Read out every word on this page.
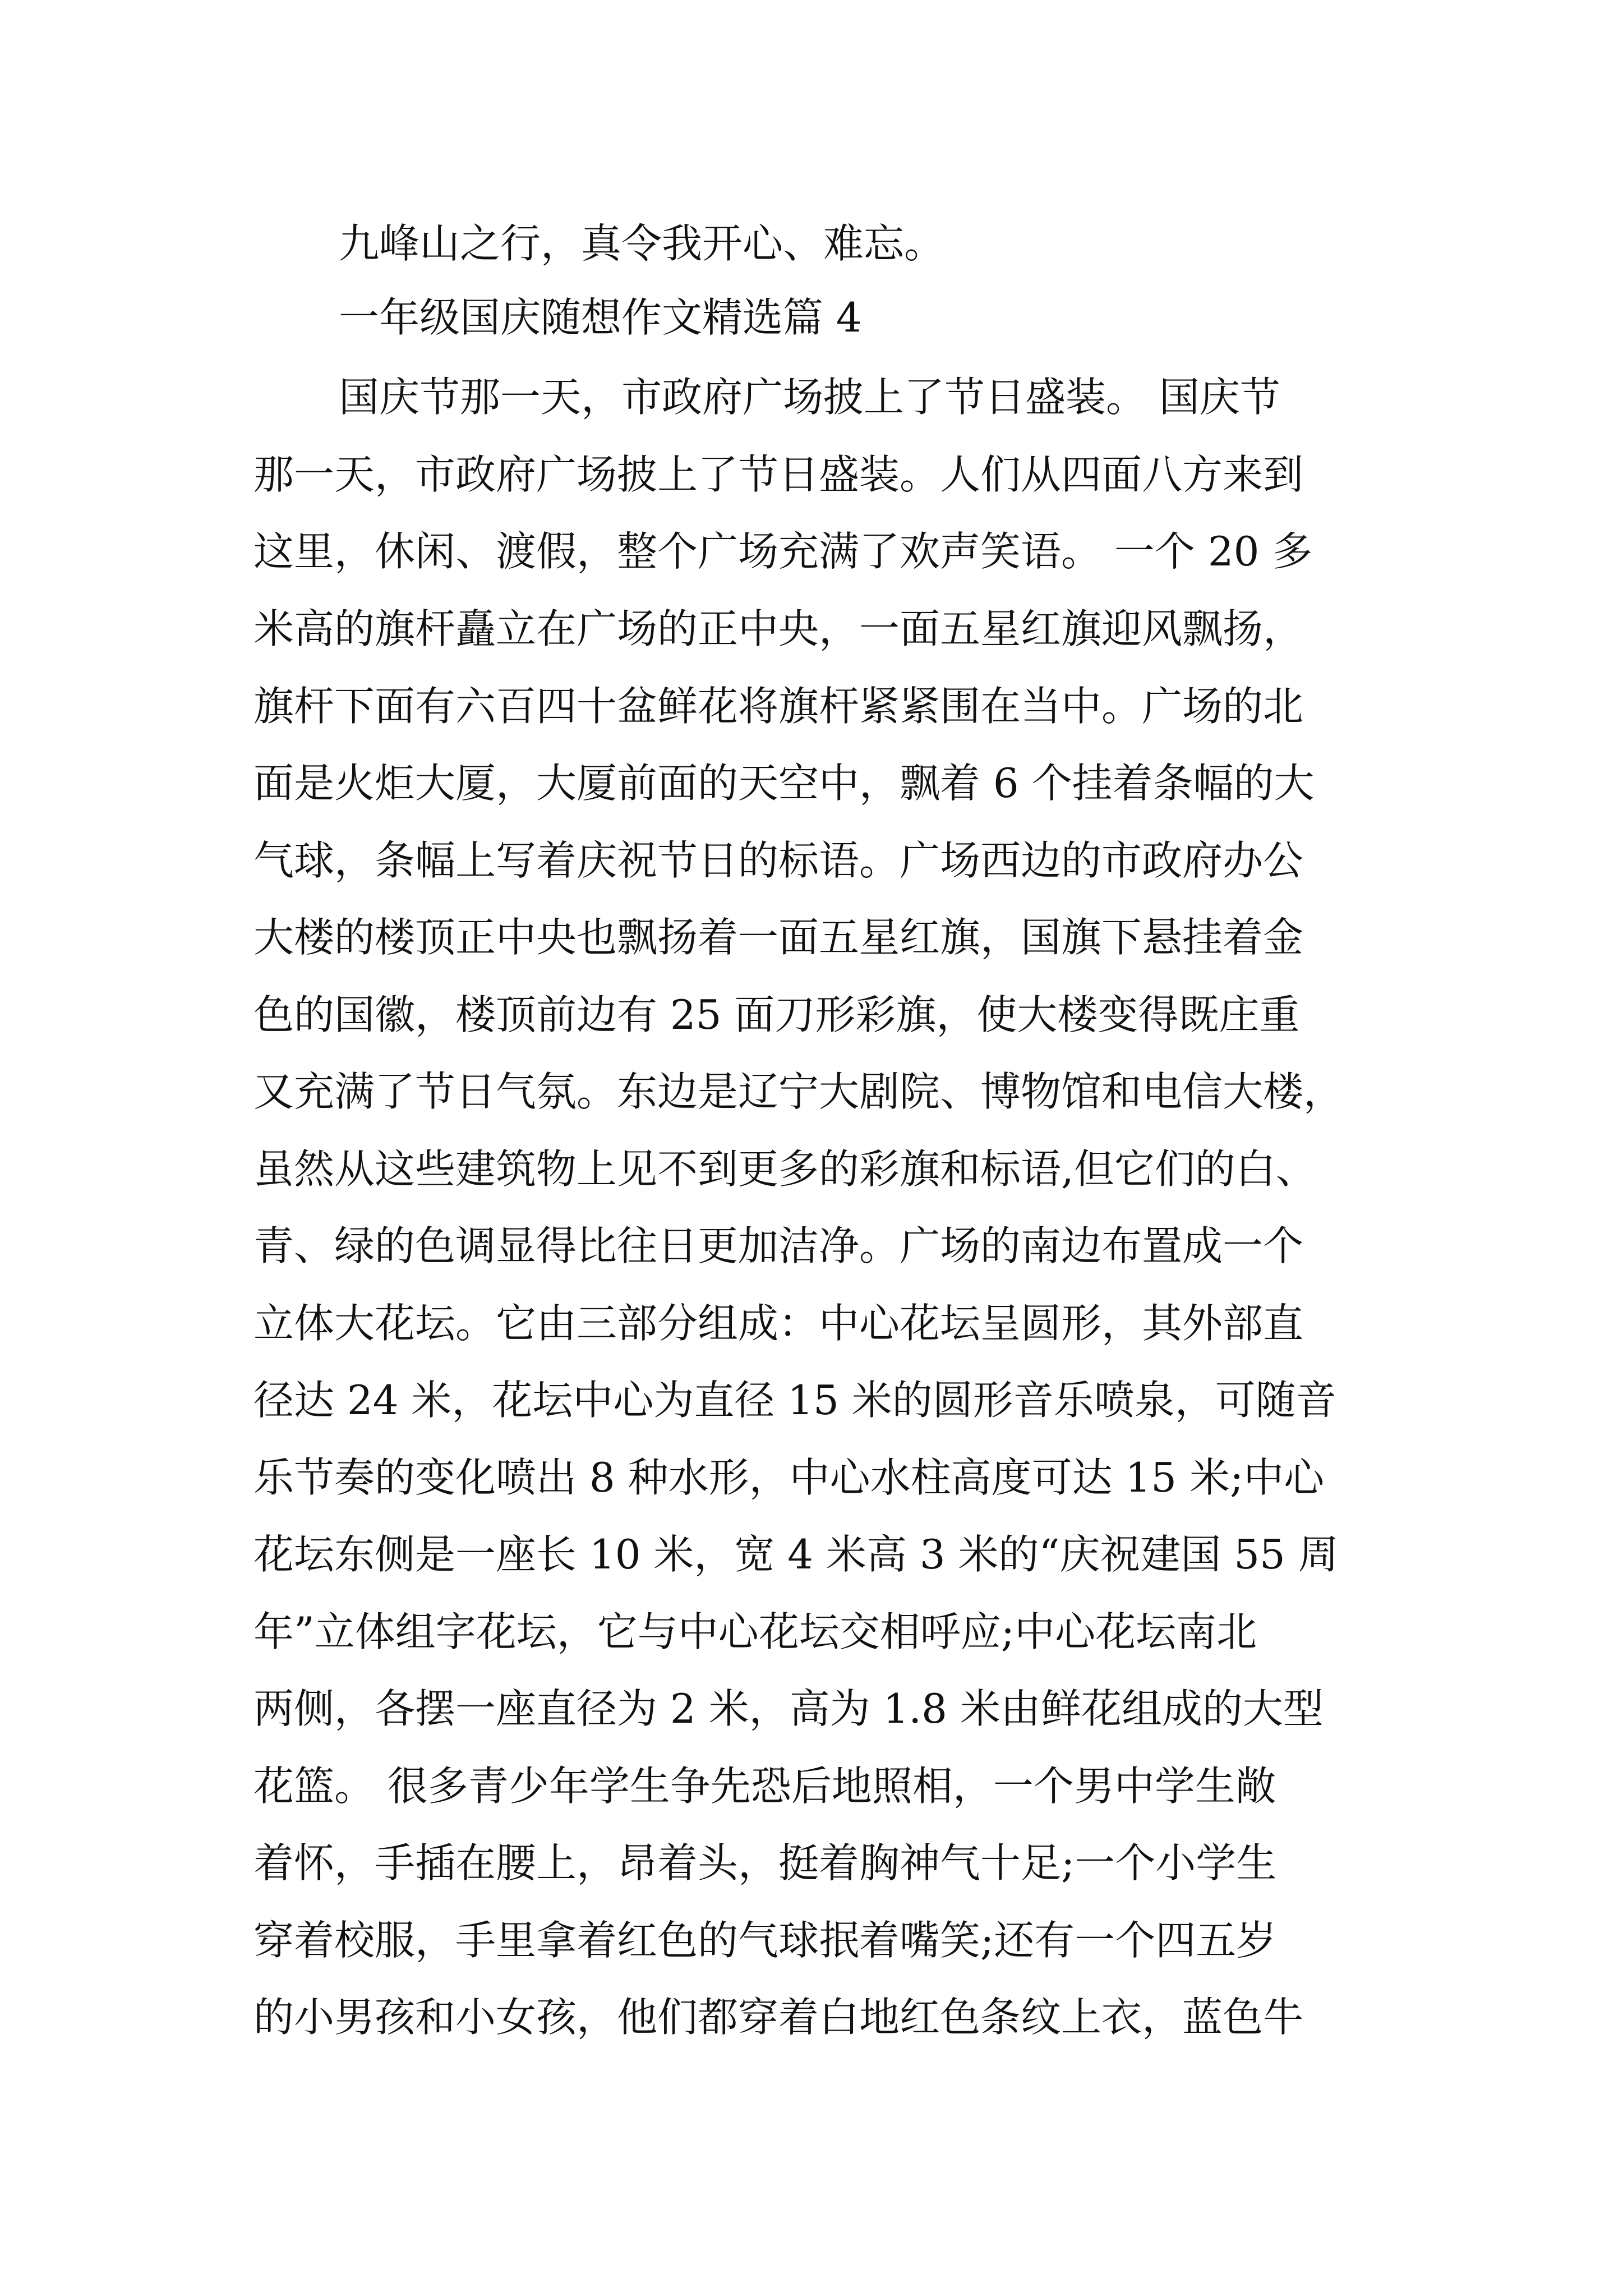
九峰山之行，真令我开心、难忘。
一年级国庆随想作文精选篇 4
国庆节那一天，市政府广场披上了节日盛装。 国庆节
那一天，市政府广场披上了节日盛装。人们从四面八方来到
这里，休闲、渡假，整个广场充满了欢声笑语。 一个 20 多
米高的旗杆矗立在广场的正中央，一面五星红旗迎风飘扬，
旗杆下面有六百四十盆鲜花将旗杆紧紧围在当中。广场的北
面是火炬大厦，大厦前面的天空中，飘着 6 个挂着条幅的大
气球，条幅上写着庆祝节日的标语。广场西边的市政府办公
大楼的楼顶正中央也飘扬着一面五星红旗，国旗下悬挂着金
色的国徽，楼顶前边有 25 面刀形彩旗，使大楼变得既庄重
又充满了节日气氛。东边是辽宁大剧院、博物馆和电信大楼，
虽然从这些建筑物上见不到更多的彩旗和标语,但它们的白、
青、绿的色调显得比往日更加洁净。广场的南边布置成一个
立体大花坛。它由三部分组成：中心花坛呈圆形，其外部直
径达 24 米，花坛中心为直径 15 米的圆形音乐喷泉，可随音
乐节奏的变化喷出 8 种水形，中心水柱高度可达 15 米;中心
花坛东侧是一座长 10 米，宽 4 米高 3 米的“庆祝建国 55 周
年”立体组字花坛，它与中心花坛交相呼应;中心花坛南北
两侧，各摆一座直径为 2 米，高为 1.8 米由鲜花组成的大型
花篮。 很多青少年学生争先恐后地照相，一个男中学生敞
着怀，手插在腰上，昂着头，挺着胸神气十足;一个小学生
穿着校服，手里拿着红色的气球抿着嘴笑;还有一个四五岁
的小男孩和小女孩，他们都穿着白地红色条纹上衣，蓝色牛
